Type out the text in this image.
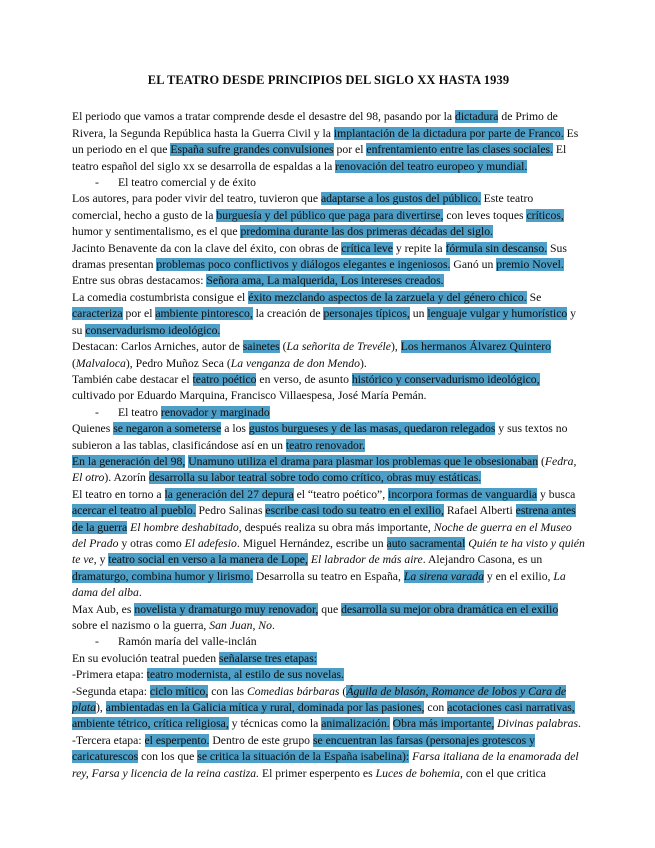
EL TEATRO DESDE PRINCIPIOS DEL SIGLO XX HASTA 1939
El periodo que vamos a tratar comprende desde el desastre del 98, pasando por la dictadura de Primo de Rivera, la Segunda República hasta la Guerra Civil y la implantación de la dictadura por parte de Franco. Es un periodo en el que España sufre grandes convulsiones por el enfrentamiento entre las clases sociales. El teatro español del siglo xx se desarrolla de espaldas a la renovación del teatro europeo y mundial.
-	El teatro comercial y de éxito
Los autores, para poder vivir del teatro, tuvieron que adaptarse a los gustos del público. Este teatro comercial, hecho a gusto de la burguesía y del público que paga para divertirse, con leves toques críticos, humor y sentimentalismo, es el que predomina durante las dos primeras décadas del siglo.
Jacinto Benavente da con la clave del éxito, con obras de crítica leve y repite la fórmula sin descanso. Sus dramas presentan problemas poco conflictivos y diálogos elegantes e ingeniosos. Ganó un premio Novel. Entre sus obras destacamos: Señora ama, La malquerida, Los intereses creados.
La comedia costumbrista consigue el éxito mezclando aspectos de la zarzuela y del género chico. Se caracteriza por el ambiente pintoresco, la creación de personajes típicos, un lenguaje vulgar y humorístico y su conservadurismo ideológico.
Destacan: Carlos Arniches, autor de sainetes (La señorita de Trevéle), Los hermanos Álvarez Quintero (Malvaloca), Pedro Muñoz Seca (La venganza de don Mendo).
También cabe destacar el teatro poético en verso, de asunto histórico y conservadurismo ideológico, cultivado por Eduardo Marquina, Francisco Villaespesa, José María Pemán.
-	El teatro renovador y marginado
Quienes se negaron a someterse a los gustos burgueses y de las masas, quedaron relegados y sus textos no subieron a las tablas, clasificándose así en un teatro renovador.
En la generación del 98, Unamuno utiliza el drama para plasmar los problemas que le obsesionaban (Fedra, El otro). Azorín desarrolla su labor teatral sobre todo como crítico, obras muy estáticas.
El teatro en torno a la generación del 27 depura el “teatro poético”, incorpora formas de vanguardia y busca acercar el teatro al pueblo. Pedro Salinas escribe casi todo su teatro en el exilio, Rafael Alberti estrena antes de la guerra El hombre deshabitado, después realiza su obra más importante, Noche de guerra en el Museo del Prado y otras como El adefesio. Miguel Hernández, escribe un auto sacramental Quién te ha visto y quién te ve, y teatro social en verso a la manera de Lope, El labrador de más aire. Alejandro Casona, es un dramaturgo, combina humor y lirismo. Desarrolla su teatro en España, La sirena varada y en el exilio, La dama del alba.
Max Aub, es novelista y dramaturgo muy renovador, que desarrolla su mejor obra dramática en el exilio sobre el nazismo o la guerra, San Juan, No.
-	Ramón maría del valle-inclán
En su evolución teatral pueden señalarse tres etapas:
-Primera etapa: teatro modernista, al estilo de sus novelas.
-Segunda etapa: ciclo mítico, con las Comedias bárbaras (Águila de blasón, Romance de lobos y Cara de plata), ambientadas en la Galicia mítica y rural, dominada por las pasiones, con acotaciones casi narrativas, ambiente tétrico, crítica religiosa, y técnicas como la animalización. Obra más importante, Divinas palabras.
-Tercera etapa: el esperpento. Dentro de este grupo se encuentran las farsas (personajes grotescos y caricaturescos con los que se critica la situación de la España isabelina): Farsa italiana de la enamorada del rey, Farsa y licencia de la reina castiza. El primer esperpento es Luces de bohemia, con el que critica
